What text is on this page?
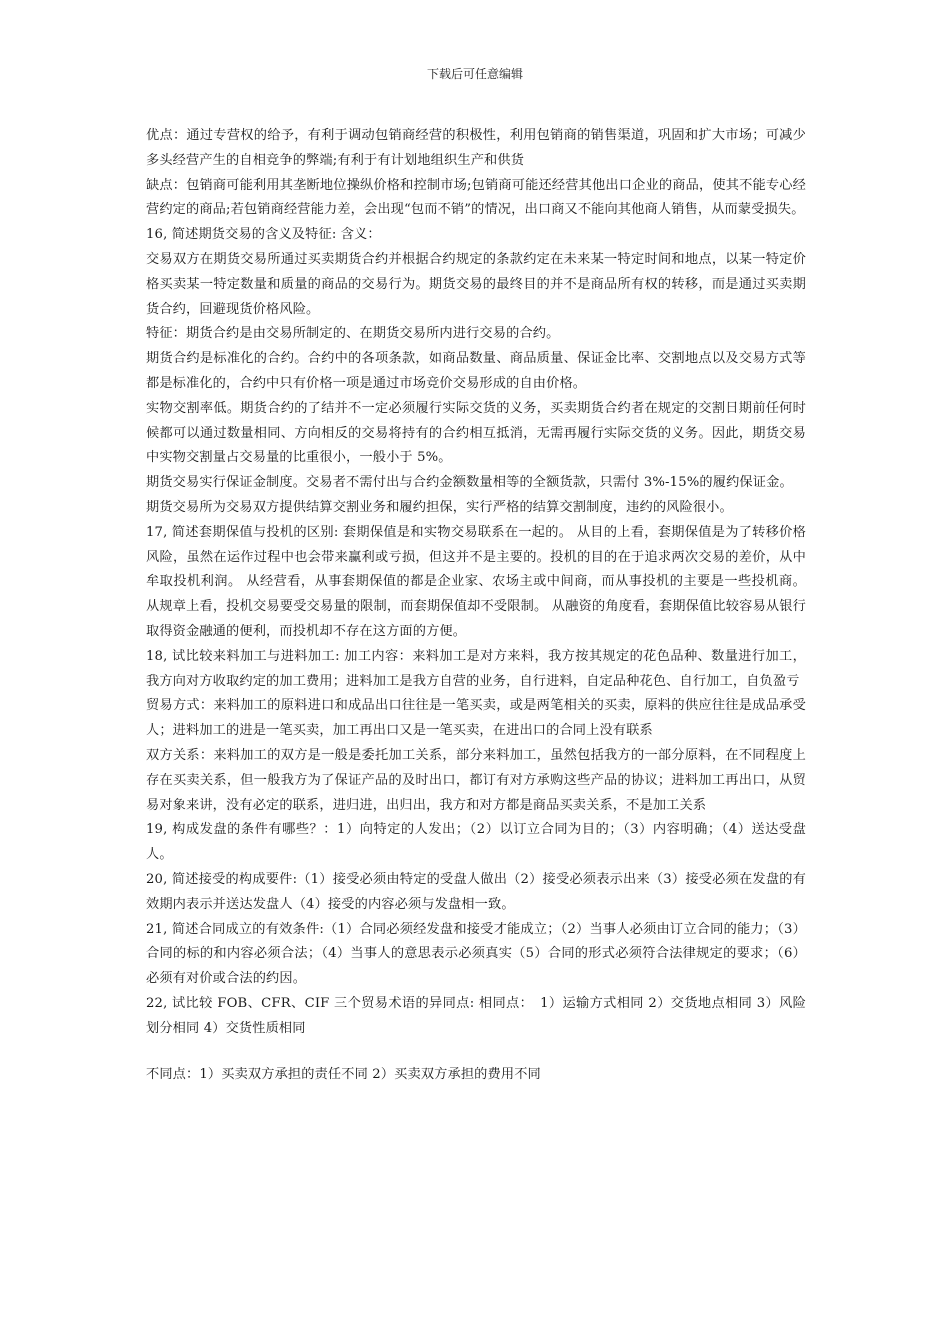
下载后可任意编辑

优点：通过专营权的给予，有利于调动包销商经营的积极性，利用包销商的销售渠道，巩固和扩大市场；可减少多头经营产生的自相竞争的弊端;有利于有计划地组织生产和供货

缺点：包销商可能利用其垄断地位操纵价格和控制市场;包销商可能还经营其他出口企业的商品，使其不能专心经营约定的商品;若包销商经营能力差，会出现“包而不销”的情况，出口商又不能向其他商人销售，从而蒙受损失。

16, 简述期货交易的含义及特征: 含义：

交易双方在期货交易所通过买卖期货合约并根据合约规定的条款约定在未来某一特定时间和地点，以某一特定价格买卖某一特定数量和质量的商品的交易行为。期货交易的最终目的并不是商品所有权的转移，而是通过买卖期货合约，回避现货价格风险。

特征：期货合约是由交易所制定的、在期货交易所内进行交易的合约。

期货合约是标准化的合约。合约中的各项条款，如商品数量、商品质量、保证金比率、交割地点以及交易方式等都是标准化的，合约中只有价格一项是通过市场竞价交易形成的自由价格。

实物交割率低。期货合约的了结并不一定必须履行实际交货的义务，买卖期货合约者在规定的交割日期前任何时候都可以通过数量相同、方向相反的交易将持有的合约相互抵消，无需再履行实际交货的义务。因此，期货交易中实物交割量占交易量的比重很小，一般小于 5%。

期货交易实行保证金制度。交易者不需付出与合约金额数量相等的全额货款，只需付 3%-15%的履约保证金。

期货交易所为交易双方提供结算交割业务和履约担保，实行严格的结算交割制度，违约的风险很小。

17, 简述套期保值与投机的区别: 套期保值是和实物交易联系在一起的。 从目的上看，套期保值是为了转移价格风险，虽然在运作过程中也会带来赢利或亏损，但这并不是主要的。投机的目的在于追求两次交易的差价，从中牟取投机利润。 从经营看，从事套期保值的都是企业家、农场主或中间商，而从事投机的主要是一些投机商。 从规章上看，投机交易要受交易量的限制，而套期保值却不受限制。 从融资的角度看，套期保值比较容易从银行取得资金融通的便利，而投机却不存在这方面的方便。

18, 试比较来料加工与进料加工: 加工内容：来料加工是对方来料，我方按其规定的花色品种、数量进行加工，我方向对方收取约定的加工费用；进料加工是我方自营的业务，自行进料，自定品种花色、自行加工，自负盈亏

贸易方式：来料加工的原料进口和成品出口往往是一笔买卖，或是两笔相关的买卖，原料的供应往往是成品承受人；进料加工的进是一笔买卖，加工再出口又是一笔买卖，在进出口的合同上没有联系

双方关系：来料加工的双方是一般是委托加工关系，部分来料加工，虽然包括我方的一部分原料，在不同程度上存在买卖关系，但一般我方为了保证产品的及时出口，都订有对方承购这些产品的协议；进料加工再出口，从贸易对象来讲，没有必定的联系，进归进，出归出，我方和对方都是商品买卖关系，不是加工关系

19, 构成发盘的条件有哪些？：1）向特定的人发出；（2）以订立合同为目的；（3）内容明确；（4）送达受盘人。

20, 简述接受的构成要件:（1）接受必须由特定的受盘人做出（2）接受必须表示出来（3）接受必须在发盘的有效期内表示并送达发盘人（4）接受的内容必须与发盘相一致。

21, 简述合同成立的有效条件:（1）合同必须经发盘和接受才能成立；（2）当事人必须由订立合同的能力；（3）合同的标的和内容必须合法；（4）当事人的意思表示必须真实（5）合同的形式必须符合法律规定的要求；（6）必须有对价或合法的约因。

22, 试比较 FOB、CFR、CIF 三个贸易术语的异同点: 相同点：　1）运输方式相同 2）交货地点相同 3）风险划分相同 4）交货性质相同

不同点：1）买卖双方承担的责任不同 2）买卖双方承担的费用不同
